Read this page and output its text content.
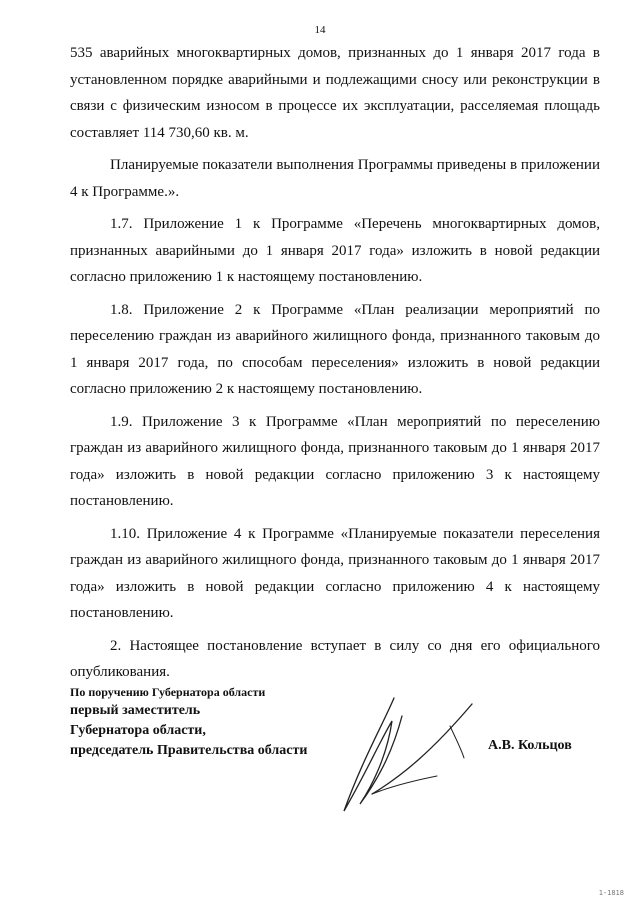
14

535 аварийных многоквартирных домов, признанных до 1 января 2017 года в установленном порядке аварийными и подлежащими сносу или реконструкции в связи с физическим износом в процессе их эксплуатации, расселяемая площадь составляет 114 730,60 кв. м.

Планируемые показатели выполнения Программы приведены в приложении 4 к Программе.».

1.7. Приложение 1 к Программе «Перечень многоквартирных домов, признанных аварийными до 1 января 2017 года» изложить в новой редакции согласно приложению 1 к настоящему постановлению.

1.8. Приложение 2 к Программе «План реализации мероприятий по переселению граждан из аварийного жилищного фонда, признанного таковым до 1 января 2017 года, по способам переселения» изложить в новой редакции согласно приложению 2 к настоящему постановлению.

1.9. Приложение 3 к Программе «План мероприятий по переселению граждан из аварийного жилищного фонда, признанного таковым до 1 января 2017 года» изложить в новой редакции согласно приложению 3 к настоящему постановлению.

1.10. Приложение 4 к Программе «Планируемые показатели переселения граждан из аварийного жилищного фонда, признанного таковым до 1 января 2017 года» изложить в новой редакции согласно приложению 4 к настоящему постановлению.

2. Настоящее постановление вступает в силу со дня его официального опубликования.

По поручению Губернатора области
первый заместитель
Губернатора области,
председатель Правительства области	А.В. Кольцов
1-1818
